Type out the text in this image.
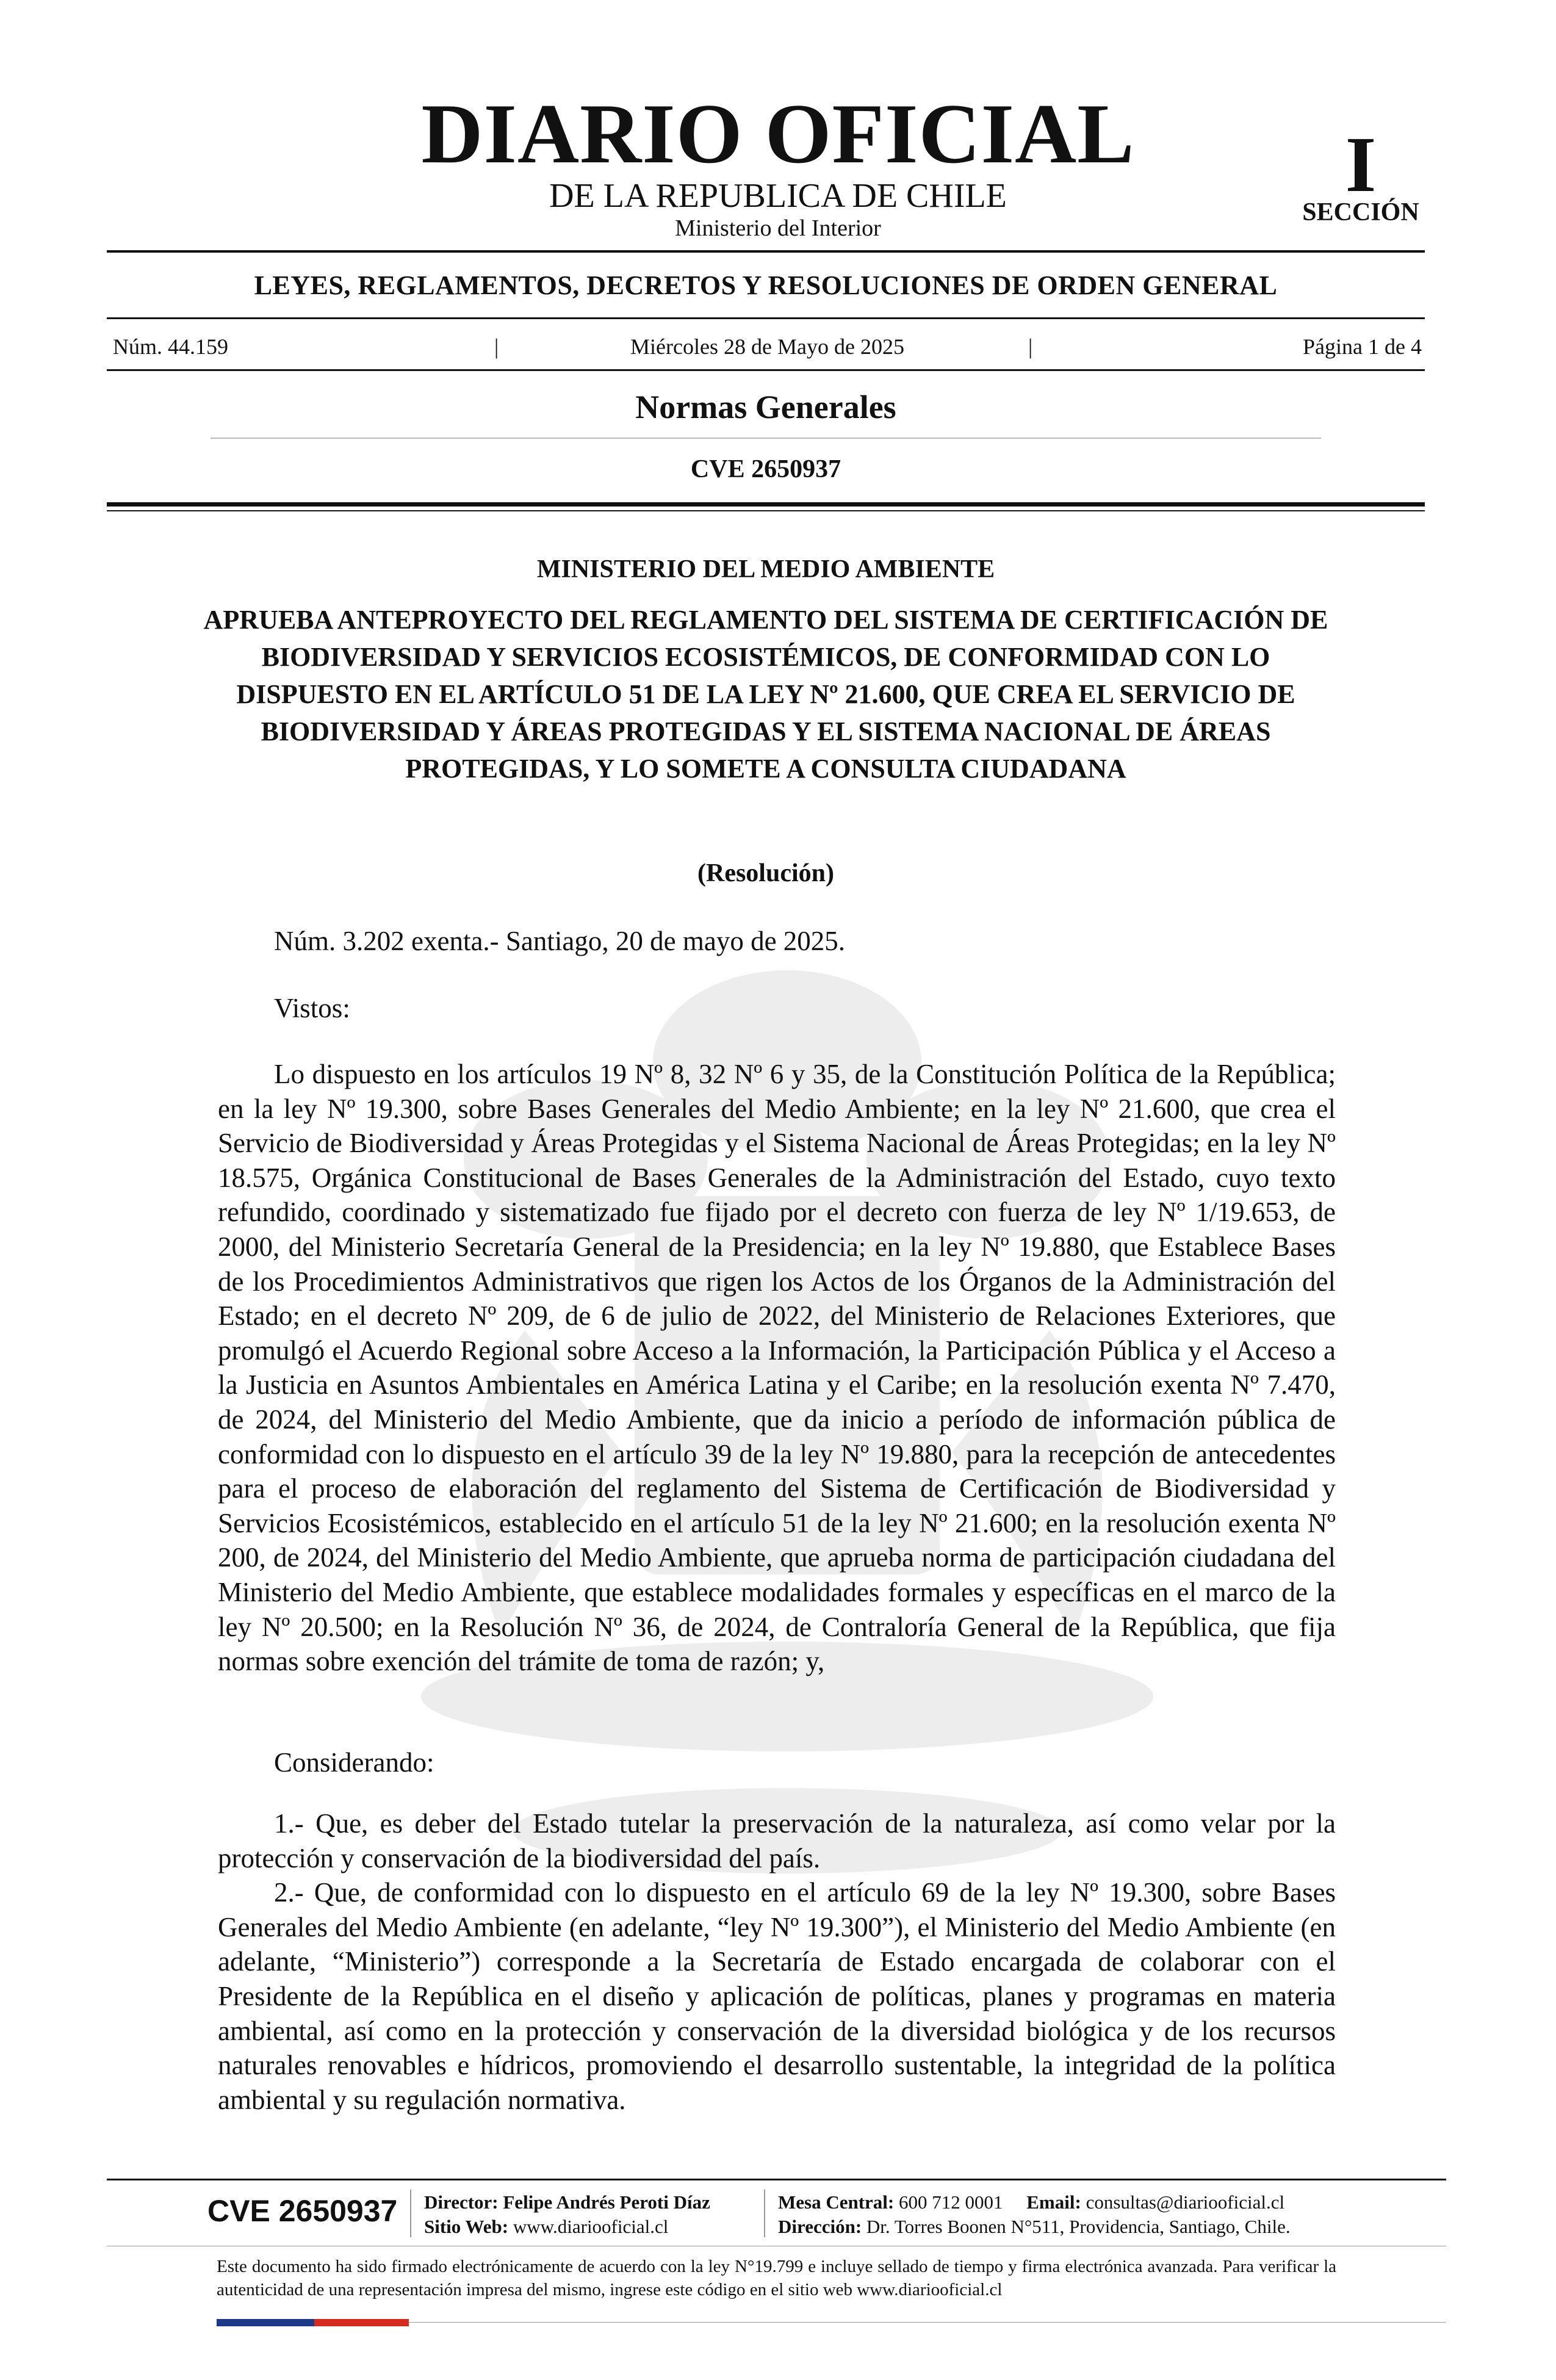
DIARIO OFICIAL
DE LA REPUBLICA DE CHILE
Ministerio del Interior
I
SECCIÓN
LEYES, REGLAMENTOS, DECRETOS Y RESOLUCIONES DE ORDEN GENERAL
Núm. 44.159	|	Miércoles 28 de Mayo de 2025	|	Página 1 de 4
Normas Generales
CVE 2650937
MINISTERIO DEL MEDIO AMBIENTE
APRUEBA ANTEPROYECTO DEL REGLAMENTO DEL SISTEMA DE CERTIFICACIÓN DE BIODIVERSIDAD Y SERVICIOS ECOSISTÉMICOS, DE CONFORMIDAD CON LO DISPUESTO EN EL ARTÍCULO 51 DE LA LEY Nº 21.600, QUE CREA EL SERVICIO DE BIODIVERSIDAD Y ÁREAS PROTEGIDAS Y EL SISTEMA NACIONAL DE ÁREAS PROTEGIDAS, Y LO SOMETE A CONSULTA CIUDADANA
(Resolución)
Núm. 3.202 exenta.- Santiago, 20 de mayo de 2025.
Vistos:
Lo dispuesto en los artículos 19 Nº 8, 32 Nº 6 y 35, de la Constitución Política de la República; en la ley Nº 19.300, sobre Bases Generales del Medio Ambiente; en la ley Nº 21.600, que crea el Servicio de Biodiversidad y Áreas Protegidas y el Sistema Nacional de Áreas Protegidas; en la ley Nº 18.575, Orgánica Constitucional de Bases Generales de la Administración del Estado, cuyo texto refundido, coordinado y sistematizado fue fijado por el decreto con fuerza de ley Nº 1/19.653, de 2000, del Ministerio Secretaría General de la Presidencia; en la ley Nº 19.880, que Establece Bases de los Procedimientos Administrativos que rigen los Actos de los Órganos de la Administración del Estado; en el decreto Nº 209, de 6 de julio de 2022, del Ministerio de Relaciones Exteriores, que promulgó el Acuerdo Regional sobre Acceso a la Información, la Participación Pública y el Acceso a la Justicia en Asuntos Ambientales en América Latina y el Caribe; en la resolución exenta Nº 7.470, de 2024, del Ministerio del Medio Ambiente, que da inicio a período de información pública de conformidad con lo dispuesto en el artículo 39 de la ley Nº 19.880, para la recepción de antecedentes para el proceso de elaboración del reglamento del Sistema de Certificación de Biodiversidad y Servicios Ecosistémicos, establecido en el artículo 51 de la ley Nº 21.600; en la resolución exenta Nº 200, de 2024, del Ministerio del Medio Ambiente, que aprueba norma de participación ciudadana del Ministerio del Medio Ambiente, que establece modalidades formales y específicas en el marco de la ley Nº 20.500; en la Resolución Nº 36, de 2024, de Contraloría General de la República, que fija normas sobre exención del trámite de toma de razón; y,
Considerando:
1.- Que, es deber del Estado tutelar la preservación de la naturaleza, así como velar por la protección y conservación de la biodiversidad del país.
2.- Que, de conformidad con lo dispuesto en el artículo 69 de la ley Nº 19.300, sobre Bases Generales del Medio Ambiente (en adelante, “ley Nº 19.300”), el Ministerio del Medio Ambiente (en adelante, “Ministerio”) corresponde a la Secretaría de Estado encargada de colaborar con el Presidente de la República en el diseño y aplicación de políticas, planes y programas en materia ambiental, así como en la protección y conservación de la diversidad biológica y de los recursos naturales renovables e hídricos, promoviendo el desarrollo sustentable, la integridad de la política ambiental y su regulación normativa.
CVE 2650937 Director: Felipe Andrés Peroti Díaz
Sitio Web: www.diariooficial.cl
Mesa Central: 600 712 0001 Email: consultas@diariooficial.cl
Dirección: Dr. Torres Boonen N°511, Providencia, Santiago, Chile.
Este documento ha sido firmado electrónicamente de acuerdo con la ley N°19.799 e incluye sellado de tiempo y firma electrónica avanzada. Para verificar la autenticidad de una representación impresa del mismo, ingrese este código en el sitio web www.diariooficial.cl
